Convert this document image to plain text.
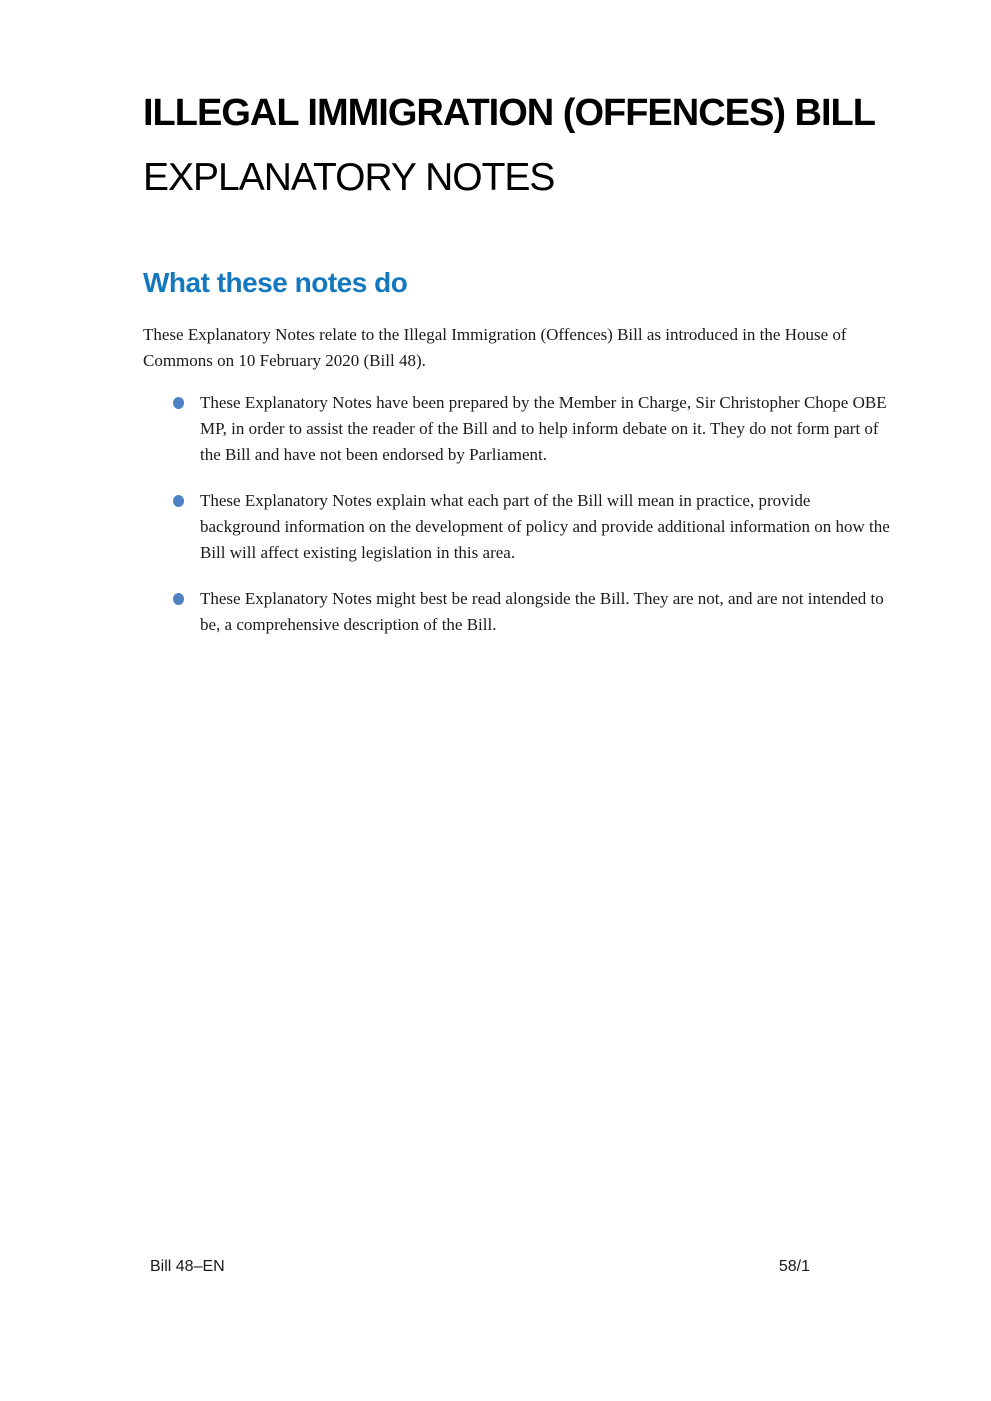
ILLEGAL IMMIGRATION (OFFENCES) BILL
EXPLANATORY NOTES
What these notes do

These Explanatory Notes relate to the Illegal Immigration (Offences) Bill as introduced in the House of Commons on 10 February 2020 (Bill 48).

These Explanatory Notes have been prepared by the Member in Charge, Sir Christopher Chope OBE MP, in order to assist the reader of the Bill and to help inform debate on it. They do not form part of the Bill and have not been endorsed by Parliament.
These Explanatory Notes explain what each part of the Bill will mean in practice, provide background information on the development of policy and provide additional information on how the Bill will affect existing legislation in this area.
These Explanatory Notes might best be read alongside the Bill. They are not, and are not intended to be, a comprehensive description of the Bill.
Bill 48–EN	58/1
